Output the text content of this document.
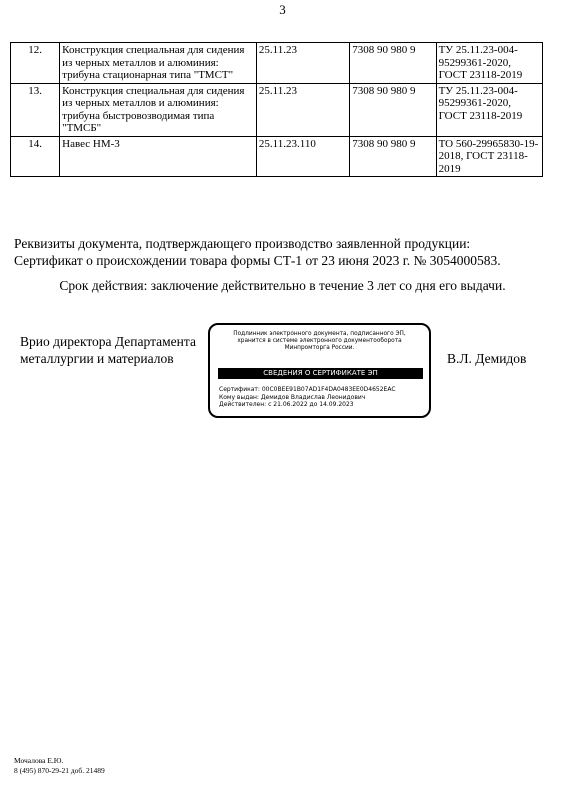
3
12.	Конструкция специальная для сидения из черных металлов и алюминия: трибуна стационарная типа "ТМСТ"	25.11.23	7308 90 980 9	ТУ 25.11.23-004-95299361-2020, ГОСТ 23118-2019
13.	Конструкция специальная для сидения из черных металлов и алюминия: трибуна быстровозводимая типа "ТМСБ"	25.11.23	7308 90 980 9	ТУ 25.11.23-004-95299361-2020, ГОСТ 23118-2019
14.	Навес НМ-3	25.11.23.110	7308 90 980 9	ТО 560-29965830-19-2018, ГОСТ 23118-2019
Реквизиты документа, подтверждающего производство заявленной продукции:
Сертификат о происхождении товара формы СТ-1 от 23 июня 2023 г. № 3054000583.
Срок действия: заключение действительно в течение 3 лет со дня его выдачи.
Врио директора Департамента
металлургии и материалов
Подлинник электронного документа, подписанного ЭП,
хранится в системе электронного документооборота
Минпромторга России.
СВЕДЕНИЯ О СЕРТИФИКАТЕ ЭП
Сертификат: 00C0BEE91B07AD1F4DA0483EE0D4652EAC
Кому выдан: Демидов Владислав Леонидович
Действителен: с 21.06.2022 до 14.09.2023
В.Л. Демидов
Мочалова Е.Ю.
8 (495) 870-29-21 доб. 21489
